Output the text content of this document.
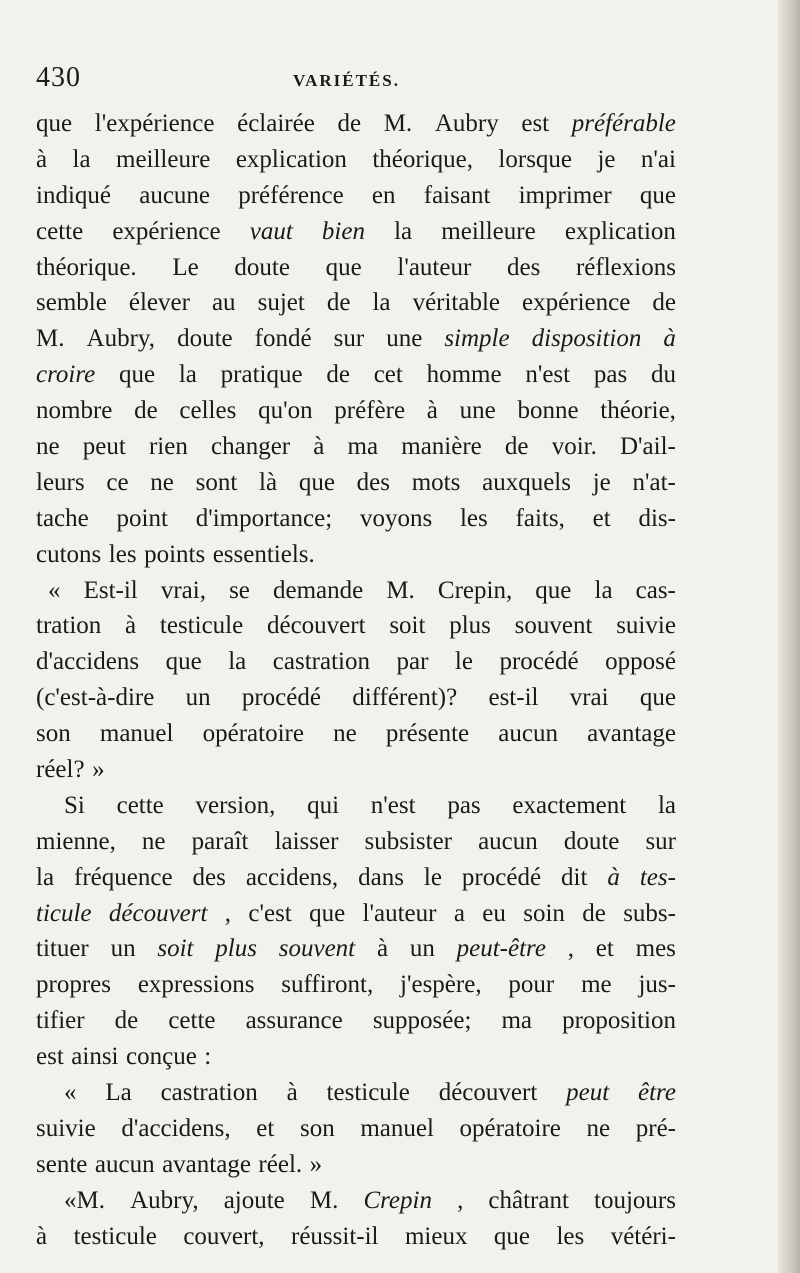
430	VARIÉTÉS.
que l'expérience éclairée de M. Aubry est préférable
à la meilleure explication théorique, lorsque je n'ai
indiqué aucune préférence en faisant imprimer que
cette expérience vaut bien la meilleure explication
théorique. Le doute que l'auteur des réflexions
semble élever au sujet de la véritable expérience de
M. Aubry, doute fondé sur une simple disposition à
croire que la pratique de cet homme n'est pas du
nombre de celles qu'on préfère à une bonne théorie,
ne peut rien changer à ma manière de voir. D'ail-
leurs ce ne sont là que des mots auxquels je n'at-
tache point d'importance; voyons les faits, et dis-
cutons les points essentiels.
« Est-il vrai, se demande M. Crepin, que la cas-
tration à testicule découvert soit plus souvent suivie
d'accidens que la castration par le procédé opposé
(c'est-à-dire un procédé différent)? est-il vrai que
son manuel opératoire ne présente aucun avantage
réel? »
Si cette version, qui n'est pas exactement la
mienne, ne paraît laisser subsister aucun doute sur
la fréquence des accidens, dans le procédé dit à tes-
ticule découvert , c'est que l'auteur a eu soin de subs-
tituer un soit plus souvent à un peut-être , et mes
propres expressions suffiront, j'espère, pour me jus-
tifier de cette assurance supposée; ma proposition
est ainsi conçue :
« La castration à testicule découvert peut être
suivie d'accidens, et son manuel opératoire ne pré-
sente aucun avantage réel. »
«M. Aubry, ajoute M. Crepin , châtrant toujours
à testicule couvert, réussit-il mieux que les vétéri-
